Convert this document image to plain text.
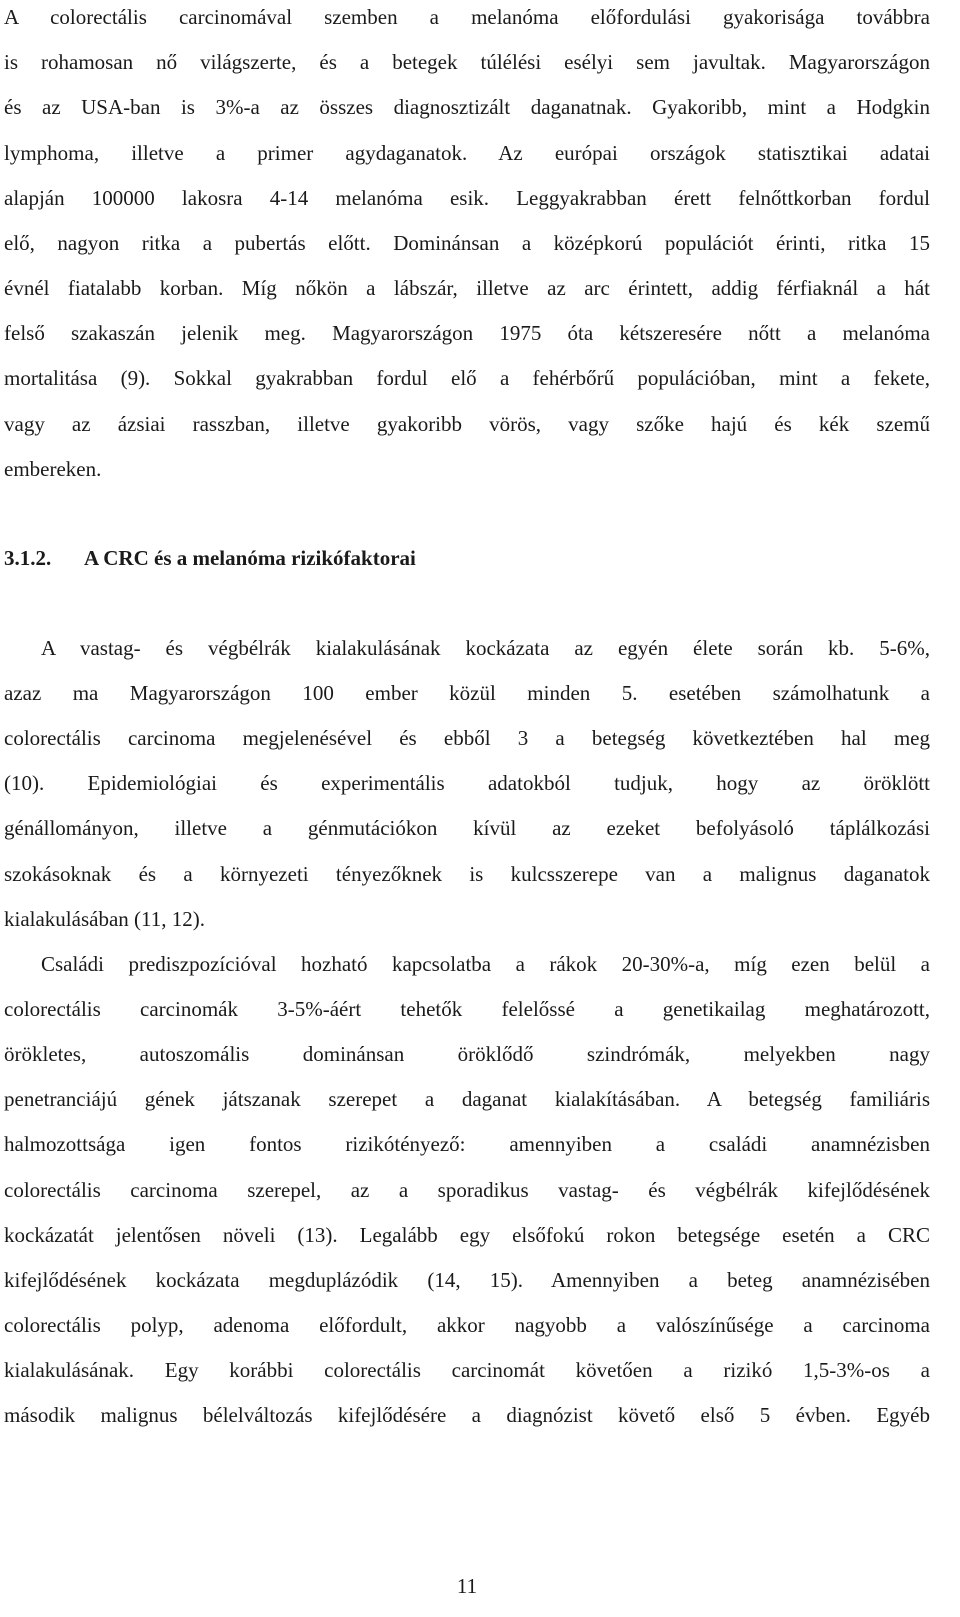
A colorectális carcinomával szemben a melanóma előfordulási gyakorisága továbbra
is rohamosan nő világszerte, és a betegek túlélési esélyi sem javultak. Magyarországon
és az USA-ban is 3%-a az összes diagnosztizált daganatnak. Gyakoribb, mint a Hodgkin
lymphoma, illetve a primer agydaganatok. Az európai országok statisztikai adatai
alapján 100000 lakosra 4-14 melanóma esik. Leggyakrabban érett felnőttkorban fordul
elő, nagyon ritka a pubertás előtt. Dominánsan a középkorú populációt érinti, ritka 15
évnél fiatalabb korban. Míg nőkön a lábszár, illetve az arc érintett, addig férfiaknál a hát
felső szakaszán jelenik meg. Magyarországon 1975 óta kétszeresére nőtt a melanóma
mortalitása (9). Sokkal gyakrabban fordul elő a fehérbőrű populációban, mint a fekete,
vagy az ázsiai rasszban, illetve gyakoribb vörös, vagy szőke hajú és kék szemű
embereken.
3.1.2. A CRC és a melanóma rizikófaktorai
A vastag- és végbélrák kialakulásának kockázata az egyén élete során kb. 5-6%,
azaz ma Magyarországon 100 ember közül minden 5. esetében számolhatunk a
colorectális carcinoma megjelenésével és ebből 3 a betegség következtében hal meg
(10). Epidemiológiai és experimentális adatokból tudjuk, hogy az öröklött
génállományon, illetve a génmutációkon kívül az ezeket befolyásoló táplálkozási
szokásoknak és a környezeti tényezőknek is kulcsszerepe van a malignus daganatok
kialakulásában (11, 12).
Családi prediszpozícióval hozható kapcsolatba a rákok 20-30%-a, míg ezen belül a
colorectális carcinomák 3-5%-áért tehetők felelőssé a genetikailag meghatározott,
örökletes, autoszomális dominánsan öröklődő szindrómák, melyekben nagy
penetranciájú gének játszanak szerepet a daganat kialakításában. A betegség familiáris
halmozottsága igen fontos rizikótényező: amennyiben a családi anamnézisben
colorectális carcinoma szerepel, az a sporadikus vastag- és végbélrák kifejlődésének
kockázatát jelentősen növeli (13). Legalább egy elsőfokú rokon betegsége esetén a CRC
kifejlődésének kockázata megduplázódik (14, 15). Amennyiben a beteg anamnézisében
colorectális polyp, adenoma előfordult, akkor nagyobb a valószínűsége a carcinoma
kialakulásának. Egy korábbi colorectális carcinomát követően a rizikó 1,5-3%-os a
második malignus bélelváltozás kifejlődésére a diagnózist követő első 5 évben. Egyéb
11
